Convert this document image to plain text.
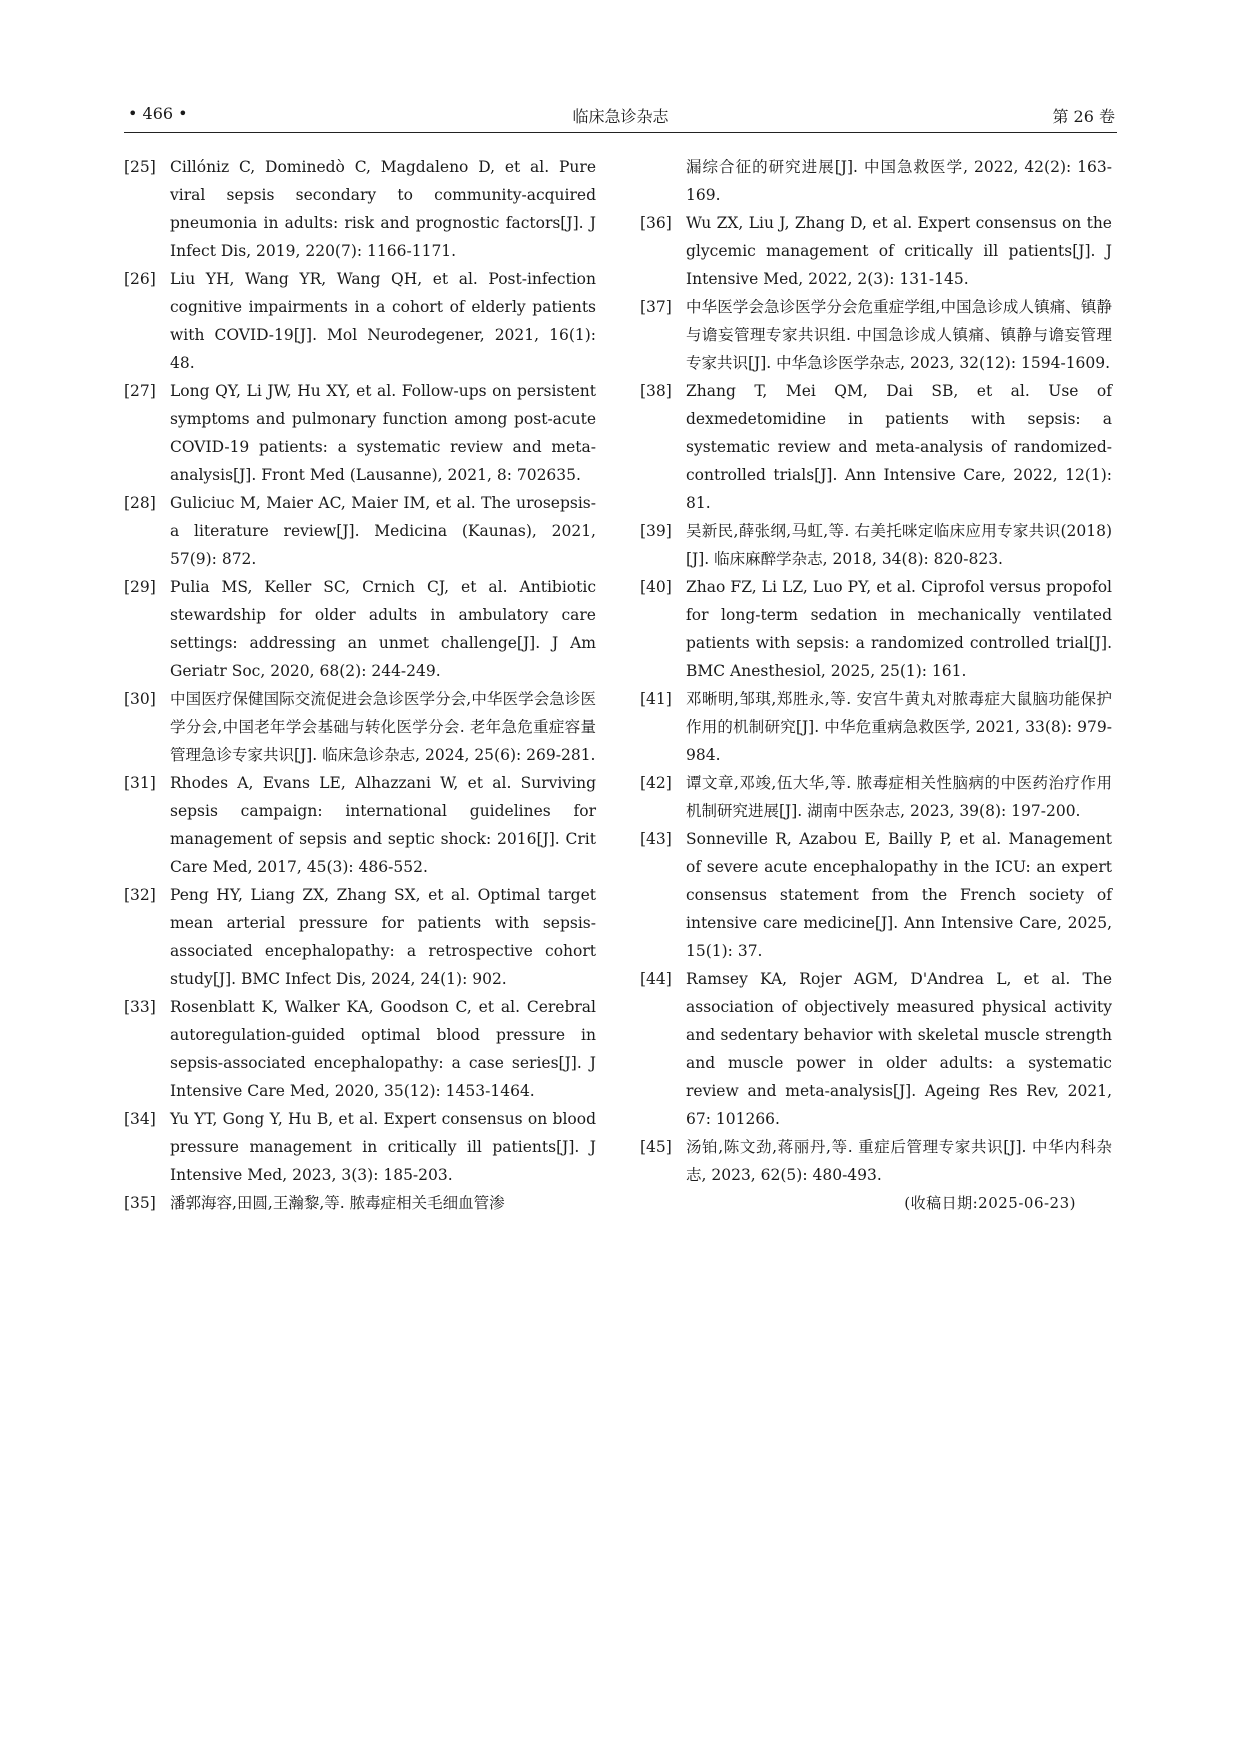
• 466 •	临床急诊杂志	第 26 卷
[25] Cillóniz C, Dominedò C, Magdaleno D, et al. Pure viral sepsis secondary to community-acquired pneumonia in adults: risk and prognostic factors[J]. J Infect Dis, 2019, 220(7): 1166-1171.
[26] Liu YH, Wang YR, Wang QH, et al. Post-infection cognitive impairments in a cohort of elderly patients with COVID-19[J]. Mol Neurodegener, 2021, 16(1): 48.
[27] Long QY, Li JW, Hu XY, et al. Follow-ups on persistent symptoms and pulmonary function among post-acute COVID-19 patients: a systematic review and meta-analysis[J]. Front Med (Lausanne), 2021, 8: 702635.
[28] Guliciuc M, Maier AC, Maier IM, et al. The urosepsis-a literature review[J]. Medicina (Kaunas), 2021, 57(9): 872.
[29] Pulia MS, Keller SC, Crnich CJ, et al. Antibiotic stewardship for older adults in ambulatory care settings: addressing an unmet challenge[J]. J Am Geriatr Soc, 2020, 68(2): 244-249.
[30] 中国医疗保健国际交流促进会急诊医学分会,中华医学会急诊医学分会,中国老年学会基础与转化医学分会. 老年急危重症容量管理急诊专家共识[J]. 临床急诊杂志, 2024, 25(6): 269-281.
[31] Rhodes A, Evans LE, Alhazzani W, et al. Surviving sepsis campaign: international guidelines for management of sepsis and septic shock: 2016[J]. Crit Care Med, 2017, 45(3): 486-552.
[32] Peng HY, Liang ZX, Zhang SX, et al. Optimal target mean arterial pressure for patients with sepsis-associated encephalopathy: a retrospective cohort study[J]. BMC Infect Dis, 2024, 24(1): 902.
[33] Rosenblatt K, Walker KA, Goodson C, et al. Cerebral autoregulation-guided optimal blood pressure in sepsis-associated encephalopathy: a case series[J]. J Intensive Care Med, 2020, 35(12): 1453-1464.
[34] Yu YT, Gong Y, Hu B, et al. Expert consensus on blood pressure management in critically ill patients[J]. J Intensive Med, 2023, 3(3): 185-203.
[35] 潘郭海容,田圆,王瀚黎,等. 脓毒症相关毛细血管渗
漏综合征的研究进展[J]. 中国急救医学, 2022, 42(2): 163-169.
[36] Wu ZX, Liu J, Zhang D, et al. Expert consensus on the glycemic management of critically ill patients[J]. J Intensive Med, 2022, 2(3): 131-145.
[37] 中华医学会急诊医学分会危重症学组,中国急诊成人镇痛、镇静与谵妄管理专家共识组. 中国急诊成人镇痛、镇静与谵妄管理专家共识[J]. 中华急诊医学杂志, 2023, 32(12): 1594-1609.
[38] Zhang T, Mei QM, Dai SB, et al. Use of dexmedetomidine in patients with sepsis: a systematic review and meta-analysis of randomized-controlled trials[J]. Ann Intensive Care, 2022, 12(1): 81.
[39] 吴新民,薛张纲,马虹,等. 右美托咪定临床应用专家共识(2018)[J]. 临床麻醉学杂志, 2018, 34(8): 820-823.
[40] Zhao FZ, Li LZ, Luo PY, et al. Ciprofol versus propofol for long-term sedation in mechanically ventilated patients with sepsis: a randomized controlled trial[J]. BMC Anesthesiol, 2025, 25(1): 161.
[41] 邓晰明,邹琪,郑胜永,等. 安宫牛黄丸对脓毒症大鼠脑功能保护作用的机制研究[J]. 中华危重病急救医学, 2021, 33(8): 979-984.
[42] 谭文章,邓竣,伍大华,等. 脓毒症相关性脑病的中医药治疗作用机制研究进展[J]. 湖南中医杂志, 2023, 39(8): 197-200.
[43] Sonneville R, Azabou E, Bailly P, et al. Management of severe acute encephalopathy in the ICU: an expert consensus statement from the French society of intensive care medicine[J]. Ann Intensive Care, 2025, 15(1): 37.
[44] Ramsey KA, Rojer AGM, D'Andrea L, et al. The association of objectively measured physical activity and sedentary behavior with skeletal muscle strength and muscle power in older adults: a systematic review and meta-analysis[J]. Ageing Res Rev, 2021, 67: 101266.
[45] 汤铂,陈文劲,蒋丽丹,等. 重症后管理专家共识[J]. 中华内科杂志, 2023, 62(5): 480-493.
(收稿日期:2025-06-23)
